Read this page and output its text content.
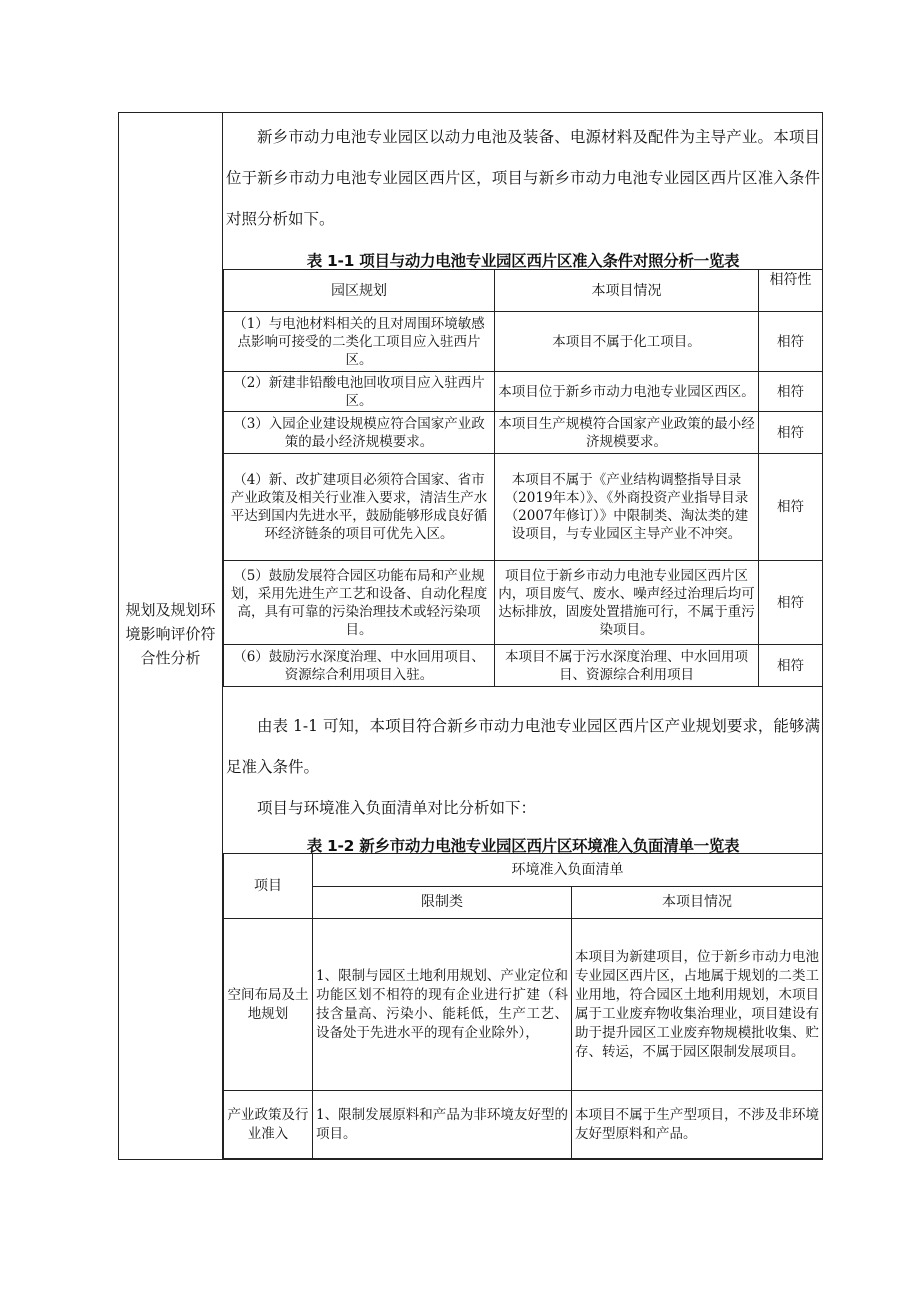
规划及规划环境影响评价符合性分析
新乡市动力电池专业园区以动力电池及装备、电源材料及配件为主导产业。本项目位于新乡市动力电池专业园区西片区，项目与新乡市动力电池专业园区西片区准入条件对照分析如下。
表 1-1 项目与动力电池专业园区西片区准入条件对照分析一览表
园区规划	本项目情况	相符性
（1）与电池材料相关的且对周围环境敏感点影响可接受的二类化工项目应入驻西片区。	本项目不属于化工项目。	相符
（2）新建非铅酸电池回收项目应入驻西片区。	本项目位于新乡市动力电池专业园区西区。	相符
（3）入园企业建设规模应符合国家产业政策的最小经济规模要求。	本项目生产规模符合国家产业政策的最小经济规模要求。	相符
（4）新、改扩建项目必须符合国家、省市产业政策及相关行业准入要求，清洁生产水平达到国内先进水平，鼓励能够形成良好循环经济链条的项目可优先入区。	本项目不属于《产业结构调整指导目录（2019年本）》、《外商投资产业指导目录（2007年修订）》中限制类、淘汰类的建设项目，与专业园区主导产业不冲突。	相符
（5）鼓励发展符合园区功能布局和产业规划，采用先进生产工艺和设备、自动化程度高，具有可靠的污染治理技术或轻污染项目。	项目位于新乡市动力电池专业园区西片区内，项目废气、废水、噪声经过治理后均可达标排放，固废处置措施可行，不属于重污染项目。	相符
（6）鼓励污水深度治理、中水回用项目、资源综合利用项目入驻。	本项目不属于污水深度治理、中水回用项目、资源综合利用项目	相符
由表 1-1 可知，本项目符合新乡市动力电池专业园区西片区产业规划要求，能够满足准入条件。
项目与环境准入负面清单对比分析如下：
表 1-2 新乡市动力电池专业园区西片区环境准入负面清单一览表
项目	环境准入负面清单	
	限制类	本项目情况
空间布局及土地规划	1、限制与园区土地利用规划、产业定位和功能区划不相符的现有企业进行扩建（科技含量高、污染小、能耗低，生产工艺、设备处于先进水平的现有企业除外），	本项目为新建项目，位于新乡市动力电池专业园区西片区，占地属于规划的二类工业用地，符合园区土地利用规划，木项目属于工业废弃物收集治理业，项目建设有助于提升园区工业废弃物规模批收集、贮存、转运，不属于园区限制发展项目。
产业政策及行业准入	1、限制发展原料和产品为非环境友好型的项目。	本项目不属于生产型项目，不涉及非环境友好型原料和产品。
